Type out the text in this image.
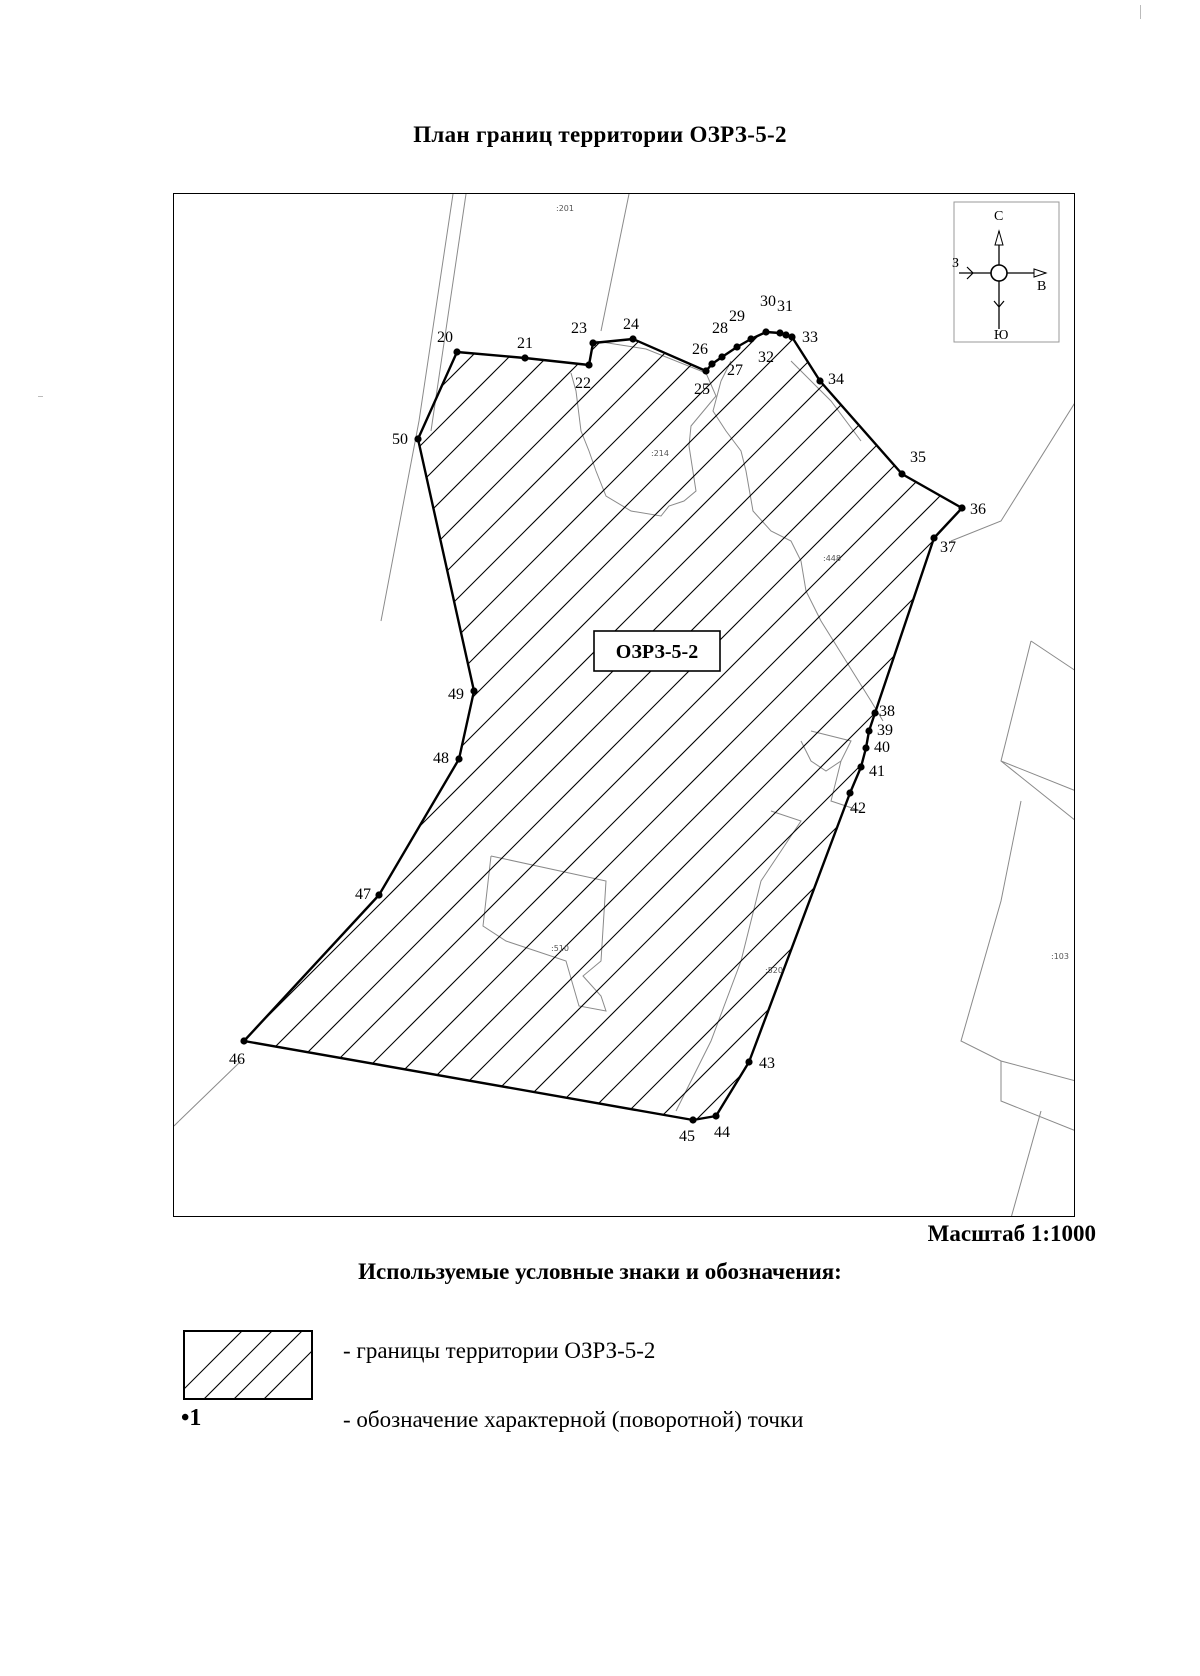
План границ территории ОЗРЗ-5-2
20	21
22
23 24
25
26
27
28
29
30 31
32
33
34
35
36
37
38
39
40
41
42
43
44
45
46
47
48
49
50
:201
:214
:448
:510
:520
:103
ОЗРЗ-5-2
С
З
В
Ю
Масштаб 1:1000
Используемые условные знаки и обозначения:
- границы территории ОЗРЗ-5-2
•1	- обозначение характерной (поворотной) точки
